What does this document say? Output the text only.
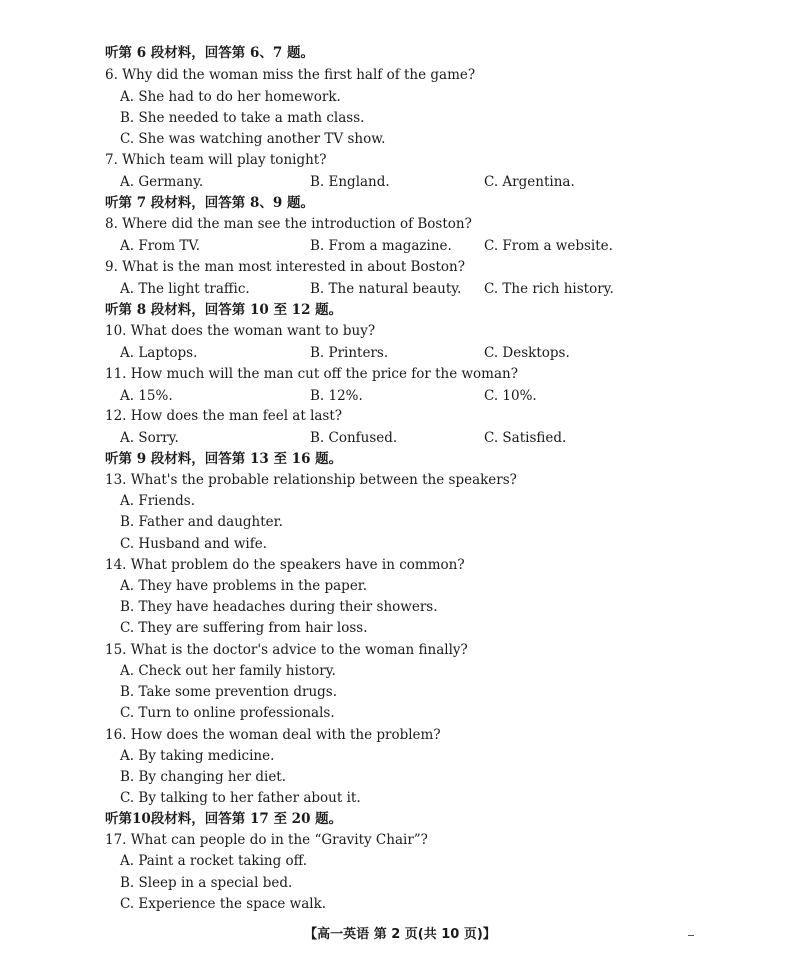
听第 6 段材料，回答第 6、7 题。
6. Why did the woman miss the first half of the game?
A. She had to do her homework.
B. She needed to take a math class.
C. She was watching another TV show.
7. Which team will play tonight?
A. Germany.	B. England.	C. Argentina.
听第 7 段材料，回答第 8、9 题。
8. Where did the man see the introduction of Boston?
A. From TV.	B. From a magazine. C. From a website.
9. What is the man most interested in about Boston?
A. The light traffic.	B. The natural beauty. C. The rich history.
听第 8 段材料，回答第 10 至 12 题。
10. What does the woman want to buy?
A. Laptops.	B. Printers.	C. Desktops.
11. How much will the man cut off the price for the woman?
A. 15%.	B. 12%.	C. 10%.
12. How does the man feel at last?
A. Sorry.	B. Confused.	C. Satisfied.
听第 9 段材料，回答第 13 至 16 题。
13. What's the probable relationship between the speakers?
A. Friends.
B. Father and daughter.
C. Husband and wife.
14. What problem do the speakers have in common?
A. They have problems in the paper.
B. They have headaches during their showers.
C. They are suffering from hair loss.
15. What is the doctor's advice to the woman finally?
A. Check out her family history.
B. Take some prevention drugs.
C. Turn to online professionals.
16. How does the woman deal with the problem?
A. By taking medicine.
B. By changing her diet.
C. By talking to her father about it.
听第10段材料，回答第 17 至 20 题。
17. What can people do in the “Gravity Chair”?
A. Paint a rocket taking off.
B. Sleep in a special bed.
C. Experience the space walk.
【高一英语 第 2 页(共 10 页)】
